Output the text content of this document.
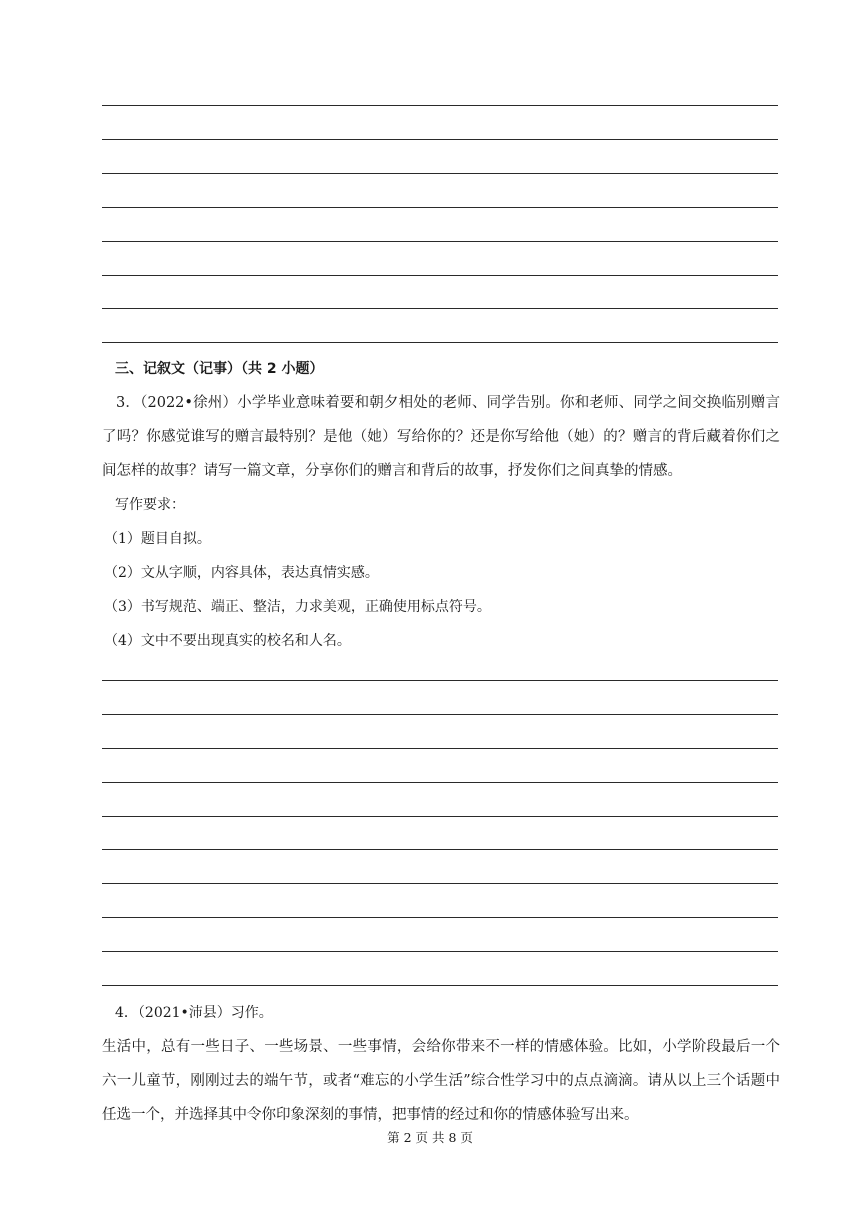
三、记叙文（记事）（共 2 小题）
3．（2022•徐州）小学毕业意味着要和朝夕相处的老师、同学告别。你和老师、同学之间交换临别赠言了吗？你感觉谁写的赠言最特别？是他（她）写给你的？还是你写给他（她）的？赠言的背后藏着你们之间怎样的故事？请写一篇文章，分享你们的赠言和背后的故事，抒发你们之间真挚的情感。
写作要求：
（1）题目自拟。
（2）文从字顺，内容具体，表达真情实感。
（3）书写规范、端正、整洁，力求美观，正确使用标点符号。
（4）文中不要出现真实的校名和人名。
4．（2021•沛县）习作。
生活中，总有一些日子、一些场景、一些事情，会给你带来不一样的情感体验。比如，小学阶段最后一个六一儿童节，刚刚过去的端午节，或者“难忘的小学生活”综合性学习中的点点滴滴。请从以上三个话题中任选一个，并选择其中令你印象深刻的事情，把事情的经过和你的情感体验写出来。
第 2 页 共 8 页
